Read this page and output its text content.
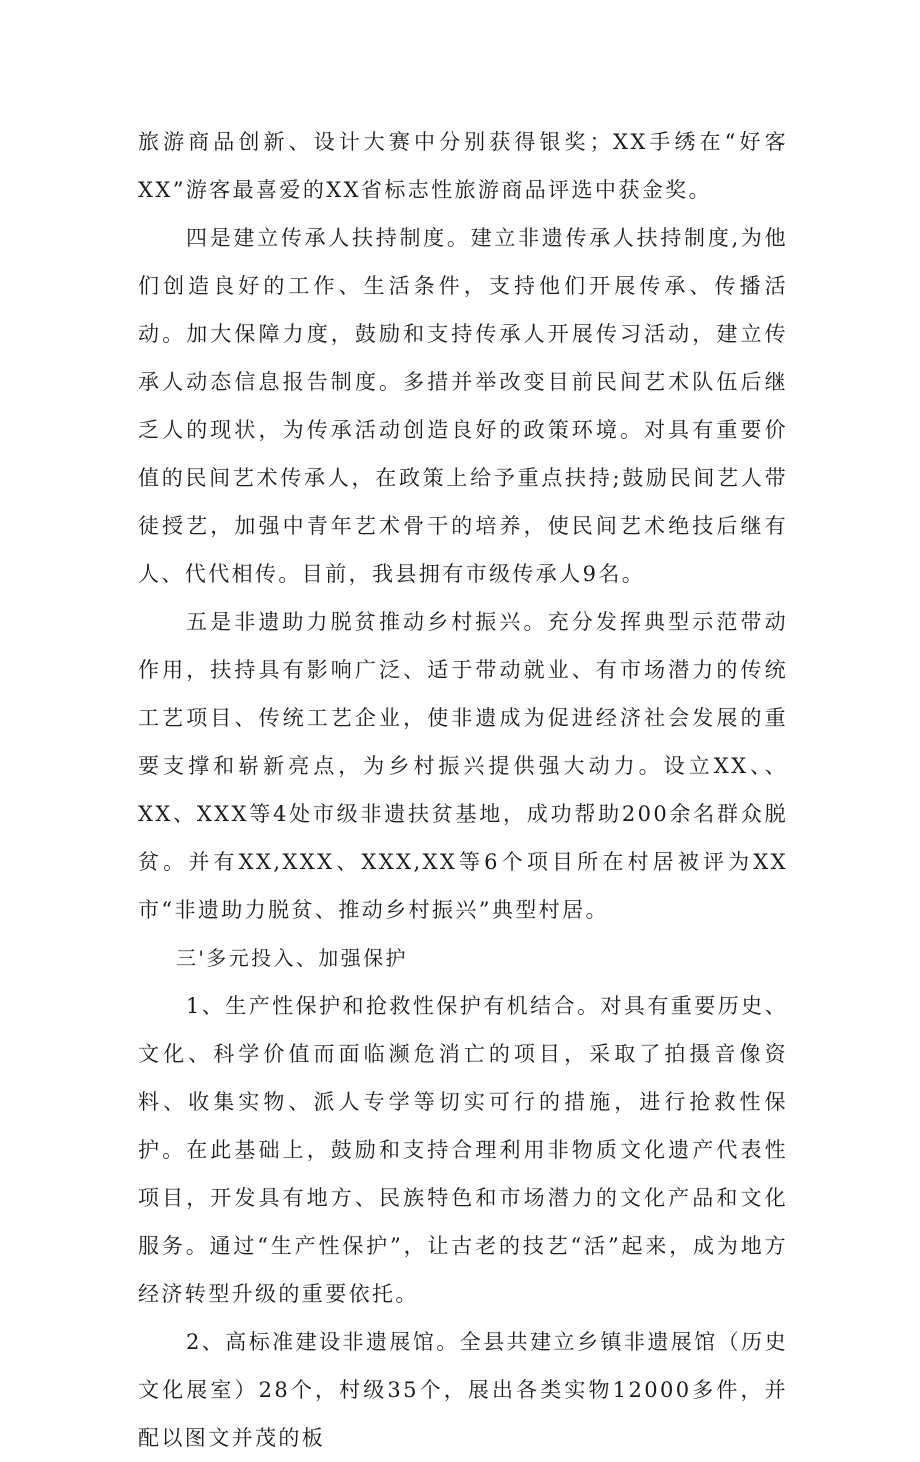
旅游商品创新、设计大赛中分别获得银奖；XX手绣在“好客XX”游客最喜爱的XX省标志性旅游商品评选中获金奖。

四是建立传承人扶持制度。建立非遗传承人扶持制度,为他们创造良好的工作、生活条件，支持他们开展传承、传播活动。加大保障力度，鼓励和支持传承人开展传习活动，建立传承人动态信息报告制度。多措并举改变目前民间艺术队伍后继乏人的现状，为传承活动创造良好的政策环境。对具有重要价值的民间艺术传承人，在政策上给予重点扶持;鼓励民间艺人带徒授艺，加强中青年艺术骨干的培养，使民间艺术绝技后继有人、代代相传。目前，我县拥有市级传承人9名。

五是非遗助力脱贫推动乡村振兴。充分发挥典型示范带动作用，扶持具有影响广泛、适于带动就业、有市场潜力的传统工艺项目、传统工艺企业，使非遗成为促进经济社会发展的重要支撑和崭新亮点，为乡村振兴提供强大动力。设立XX、、XX、XXX等4处市级非遗扶贫基地，成功帮助200余名群众脱贫。并有XX,XXX、XXX,XX等6个项目所在村居被评为XX市“非遗助力脱贫、推动乡村振兴”典型村居。

三'多元投入、加强保护

1、生产性保护和抢救性保护有机结合。对具有重要历史、文化、科学价值而面临濒危消亡的项目，采取了拍摄音像资料、收集实物、派人专学等切实可行的措施，进行抢救性保护。在此基础上，鼓励和支持合理利用非物质文化遗产代表性项目，开发具有地方、民族特色和市场潜力的文化产品和文化服务。通过“生产性保护”，让古老的技艺“活”起来，成为地方经济转型升级的重要依托。

2、高标准建设非遗展馆。全县共建立乡镇非遗展馆（历史文化展室）28个，村级35个，展出各类实物12000多件，并配以图文并茂的板
